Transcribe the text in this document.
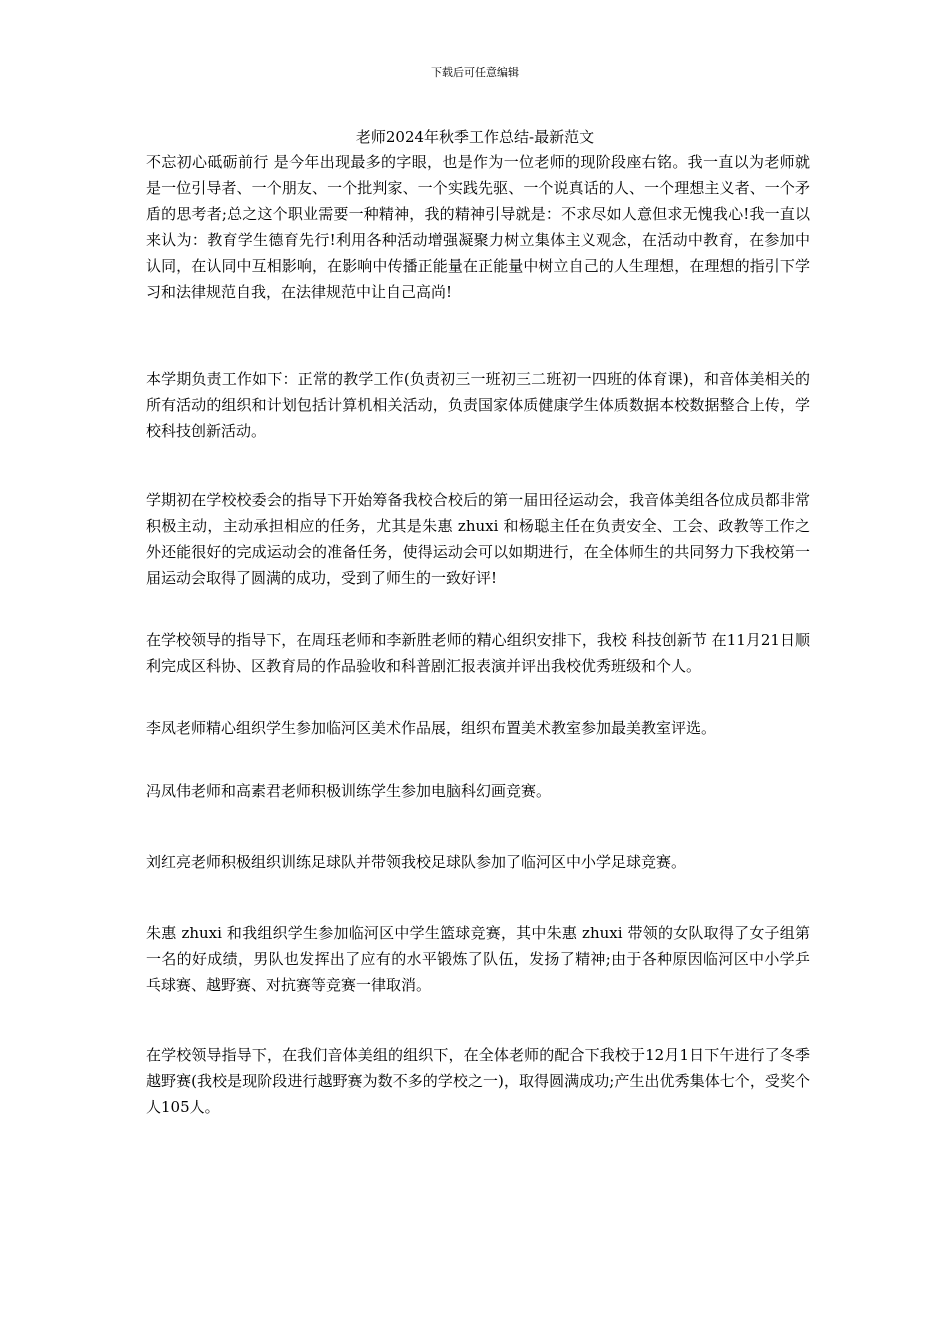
下载后可任意编辑
老师2024年秋季工作总结-最新范文

不忘初心砥砺前行 是今年出现最多的字眼，也是作为一位老师的现阶段座右铭。我一直以为老师就是一位引导者、一个朋友、一个批判家、一个实践先驱、一个说真话的人、一个理想主义者、一个矛盾的思考者;总之这个职业需要一种精神，我的精神引导就是：不求尽如人意但求无愧我心!我一直以来认为：教育学生德育先行!利用各种活动增强凝聚力树立集体主义观念，在活动中教育，在参加中认同，在认同中互相影响，在影响中传播正能量在正能量中树立自己的人生理想，在理想的指引下学习和法律规范自我，在法律规范中让自己高尚!

本学期负责工作如下：正常的教学工作(负责初三一班初三二班初一四班的体育课)，和音体美相关的所有活动的组织和计划包括计算机相关活动，负责国家体质健康学生体质数据本校数据整合上传，学校科技创新活动。

学期初在学校校委会的指导下开始筹备我校合校后的第一届田径运动会，我音体美组各位成员都非常积极主动，主动承担相应的任务，尤其是朱惠 zhuxi 和杨聪主任在负责安全、工会、政教等工作之外还能很好的完成运动会的准备任务，使得运动会可以如期进行，在全体师生的共同努力下我校第一届运动会取得了圆满的成功，受到了师生的一致好评!

在学校领导的指导下，在周珏老师和李新胜老师的精心组织安排下，我校 科技创新节 在11月21日顺利完成区科协、区教育局的作品验收和科普剧汇报表演并评出我校优秀班级和个人。

李凤老师精心组织学生参加临河区美术作品展，组织布置美术教室参加最美教室评选。

冯凤伟老师和高素君老师积极训练学生参加电脑科幻画竞赛。

刘红亮老师积极组织训练足球队并带领我校足球队参加了临河区中小学足球竞赛。

朱惠 zhuxi 和我组织学生参加临河区中学生篮球竞赛，其中朱惠 zhuxi 带领的女队取得了女子组第一名的好成绩，男队也发挥出了应有的水平锻炼了队伍，发扬了精神;由于各种原因临河区中小学乒乓球赛、越野赛、对抗赛等竞赛一律取消。

在学校领导指导下，在我们音体美组的组织下，在全体老师的配合下我校于12月1日下午进行了冬季越野赛(我校是现阶段进行越野赛为数不多的学校之一)，取得圆满成功;产生出优秀集体七个，受奖个人105人。
